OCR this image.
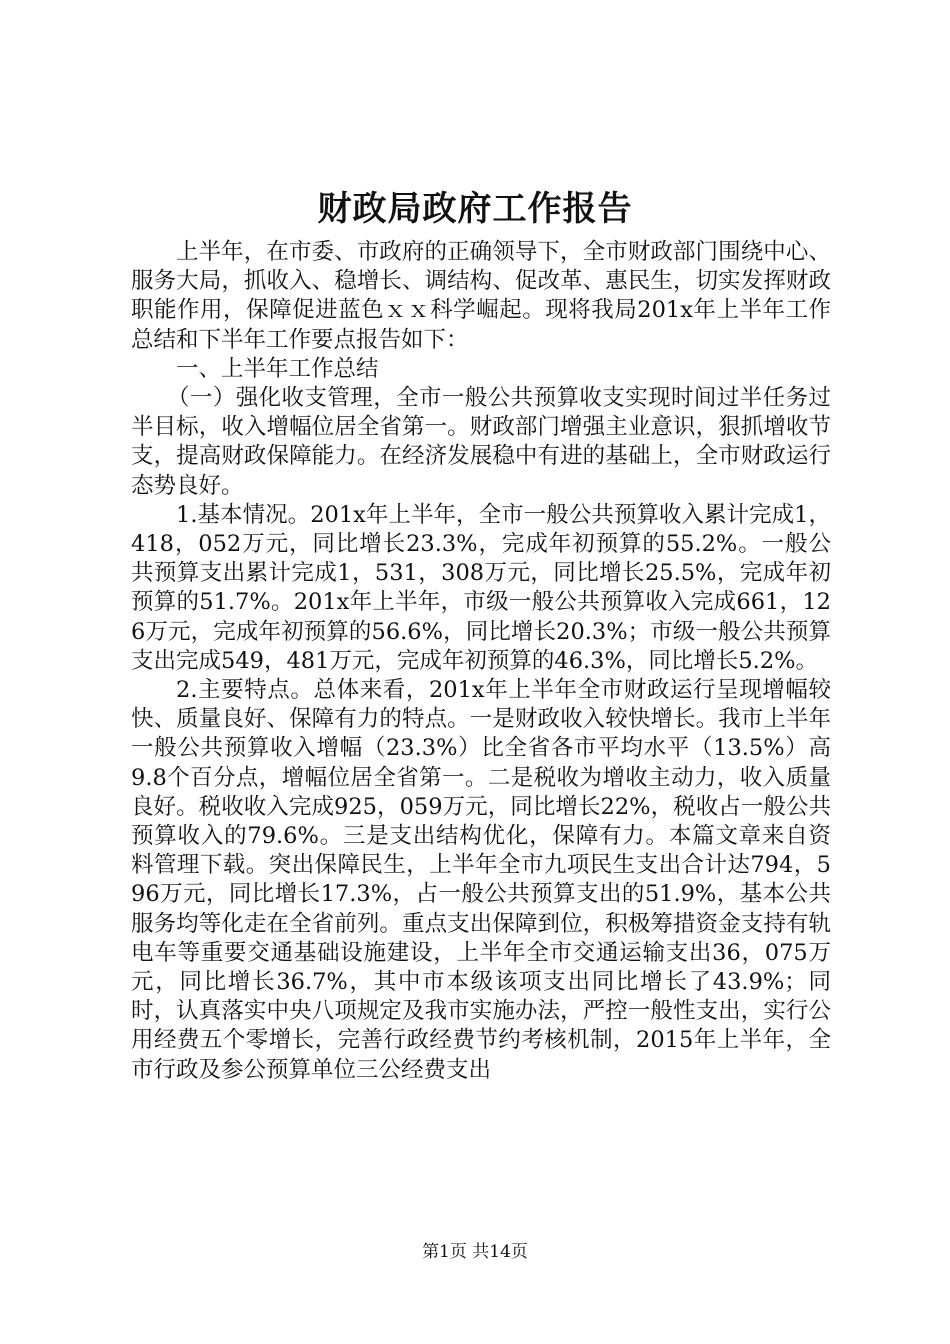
财政局政府工作报告

上半年，在市委、市政府的正确领导下，全市财政部门围绕中心、服务大局，抓收入、稳增长、调结构、促改革、惠民生，切实发挥财政职能作用，保障促进蓝色ｘｘ科学崛起。现将我局201x年上半年工作总结和下半年工作要点报告如下：

一、上半年工作总结

（一）强化收支管理，全市一般公共预算收支实现时间过半任务过半目标，收入增幅位居全省第一。财政部门增强主业意识，狠抓增收节支，提高财政保障能力。在经济发展稳中有进的基础上，全市财政运行态势良好。

1.基本情况。201x年上半年，全市一般公共预算收入累计完成1，418，052万元，同比增长23.3%，完成年初预算的55.2%。一般公共预算支出累计完成1，531，308万元，同比增长25.5%，完成年初预算的51.7%。201x年上半年，市级一般公共预算收入完成661，126万元，完成年初预算的56.6%，同比增长20.3%；市级一般公共预算支出完成549，481万元，完成年初预算的46.3%，同比增长5.2%。

2.主要特点。总体来看，201x年上半年全市财政运行呈现增幅较快、质量良好、保障有力的特点。一是财政收入较快增长。我市上半年一般公共预算收入增幅（23.3%）比全省各市平均水平（13.5%）高9.8个百分点，增幅位居全省第一。二是税收为增收主动力，收入质量良好。税收收入完成925，059万元，同比增长22%，税收占一般公共预算收入的79.6%。三是支出结构优化，保障有力。本篇文章来自资料管理下载。突出保障民生，上半年全市九项民生支出合计达794，596万元，同比增长17.3%，占一般公共预算支出的51.9%，基本公共服务均等化走在全省前列。重点支出保障到位，积极筹措资金支持有轨电车等重要交通基础设施建设，上半年全市交通运输支出36，075万元，同比增长36.7%，其中市本级该项支出同比增长了43.9%；同时，认真落实中央八项规定及我市实施办法，严控一般性支出，实行公用经费五个零增长，完善行政经费节约考核机制，2015年上半年，全市行政及参公预算单位三公经费支出

第1页 共14页
